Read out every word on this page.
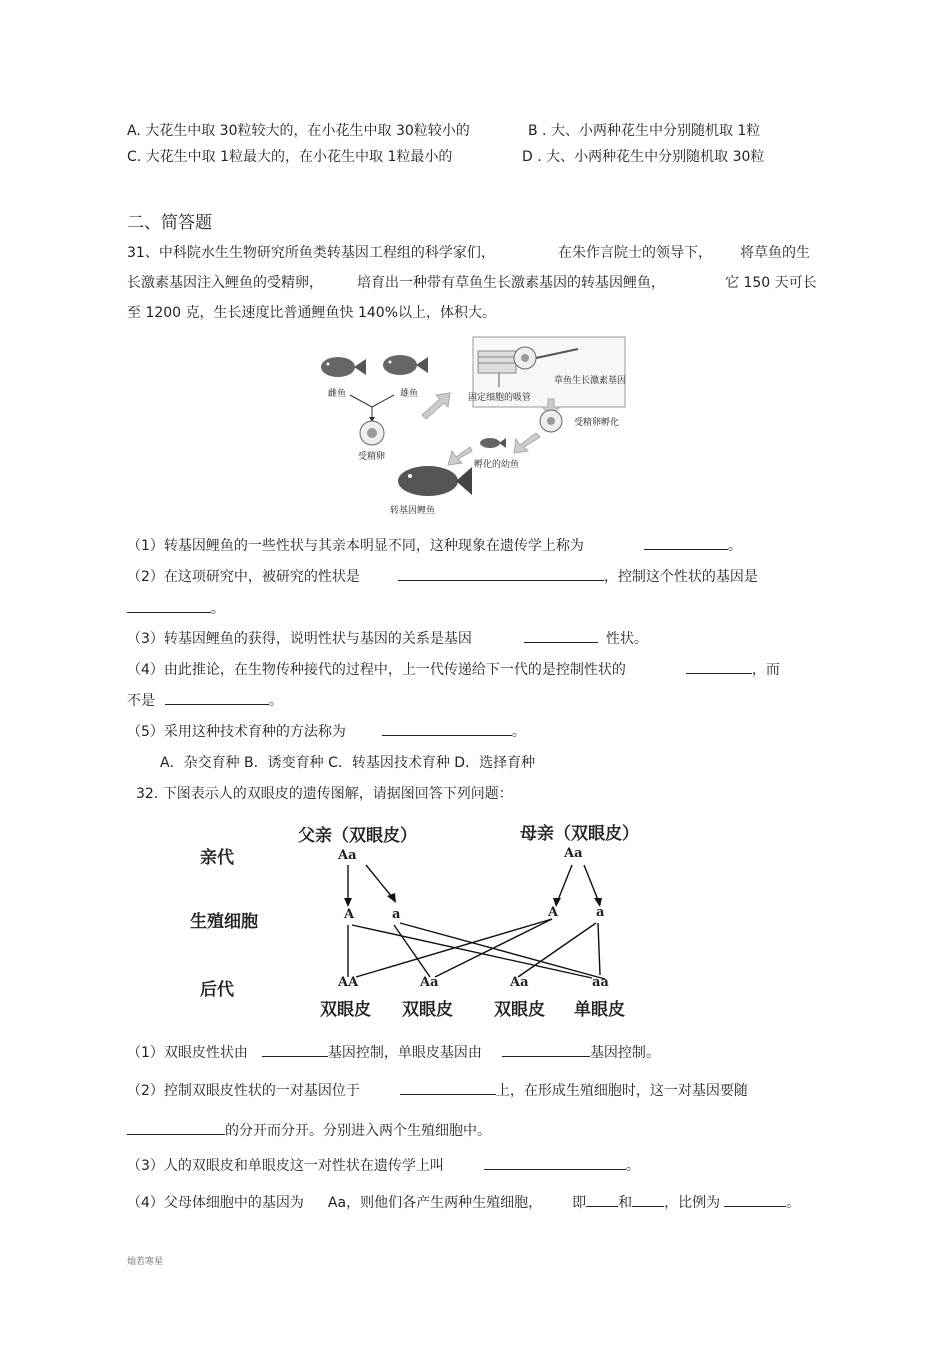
A. 大花生中取 30粒较大的，在小花生中取 30粒较小的	B . 大、小两种花生中分别随机取 1粒
C. 大花生中取 1粒最大的，在小花生中取 1粒最小的	D . 大、小两种花生中分别随机取 30粒
二、简答题
31、中科院水生生物研究所鱼类转基因工程组的科学家们，	在朱作言院士的领导下， 将草鱼的生
长激素基因注入鲤鱼的受精卵， 培育出一种带有草鱼生长激素基因的转基因鲤鱼，	它 150 天可长
至 1200 克，生长速度比普通鲤鱼快 140%以上，体积大。
雌鱼	雄鱼
受精卵
固定细胞的吸管
草鱼生长激素基因
受精卵孵化
孵化的幼鱼
转基因鲤鱼
（1）转基因鲤鱼的一些性状与其亲本明显不同，这种现象在遗传学上称为	。
（2）在这项研究中，被研究的性状是	，控制这个性状的基因是
。
（3）转基因鲤鱼的获得，说明性状与基因的关系是基因	性状。
（4）由此推论，在生物传种接代的过程中，上一代传递给下一代的是控制性状的	，而
不是	。
（5）采用这种技术育种的方法称为	。
A．杂交育种 B．诱变育种 C．转基因技术育种 D．选择育种
32. 下图表示人的双眼皮的遗传图解，请据图回答下列问题：
亲代
生殖细胞
后代
父亲（双眼皮）	母亲（双眼皮）
Aa	Aa
A	a	A	a
AA	Aa	Aa	aa
双眼皮 双眼皮 双眼皮 单眼皮
（1）双眼皮性状由	基因控制，单眼皮基因由	基因控制。
（2）控制双眼皮性状的一对基因位于	上，在形成生殖细胞时，这一对基因要随
的分开而分开。分别进入两个生殖细胞中。
（3）人的双眼皮和单眼皮这一对性状在遗传学上叫	。
（4）父母体细胞中的基因为 Aa，则他们各产生两种生殖细胞， 即 和 ，比例为	。
灿若寒星
